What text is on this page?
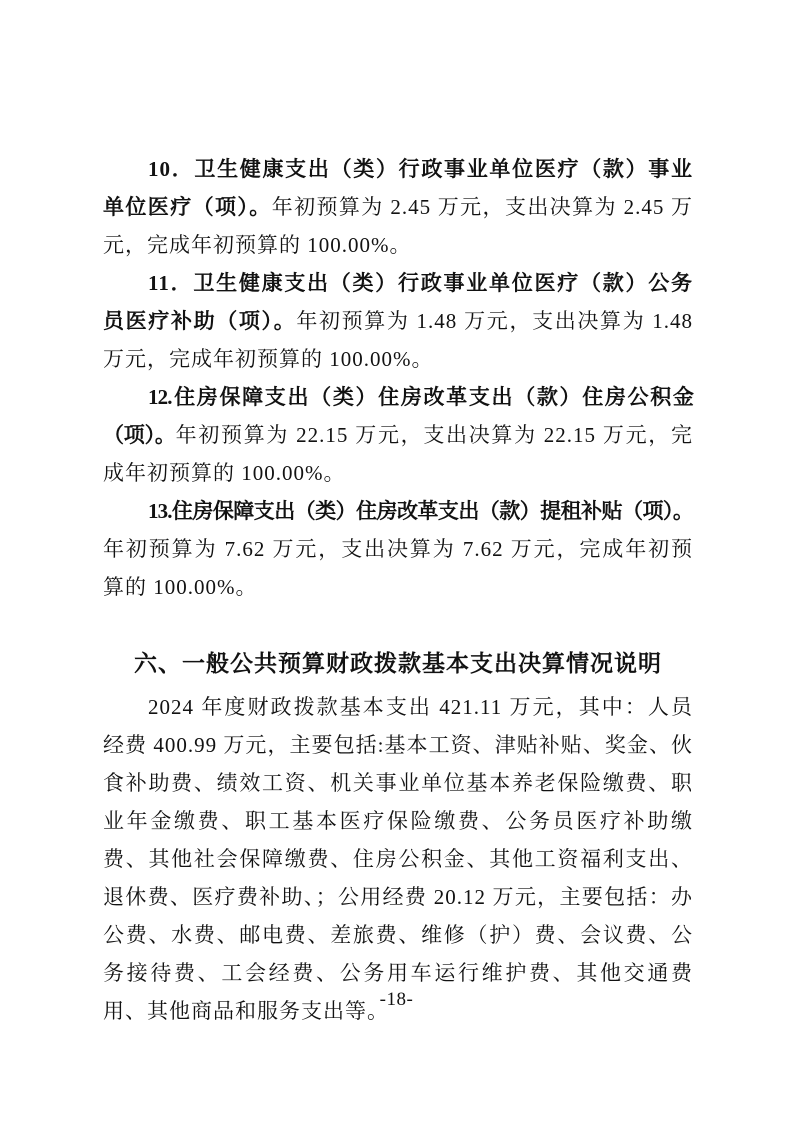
10．卫生健康支出（类）行政事业单位医疗（款）事业单位医疗（项）。年初预算为 2.45 万元，支出决算为 2.45 万元，完成年初预算的 100.00%。

11．卫生健康支出（类）行政事业单位医疗（款）公务员医疗补助（项）。年初预算为 1.48 万元，支出决算为 1.48 万元，完成年初预算的 100.00%。

12.住房保障支出（类）住房改革支出（款）住房公积金（项）。年初预算为 22.15 万元，支出决算为 22.15 万元，完成年初预算的 100.00%。

13.住房保障支出（类）住房改革支出（款）提租补贴（项）。年初预算为 7.62 万元，支出决算为 7.62 万元，完成年初预算的 100.00%。

六、一般公共预算财政拨款基本支出决算情况说明

2024 年度财政拨款基本支出 421.11 万元，其中：人员经费 400.99 万元，主要包括:基本工资、津贴补贴、奖金、伙食补助费、绩效工资、机关事业单位基本养老保险缴费、职业年金缴费、职工基本医疗保险缴费、公务员医疗补助缴费、其他社会保障缴费、住房公积金、其他工资福利支出、退休费、医疗费补助、；公用经费 20.12 万元，主要包括：办公费、水费、邮电费、差旅费、维修（护）费、会议费、公务接待费、工会经费、公务用车运行维护费、其他交通费用、其他商品和服务支出等。

-18-
